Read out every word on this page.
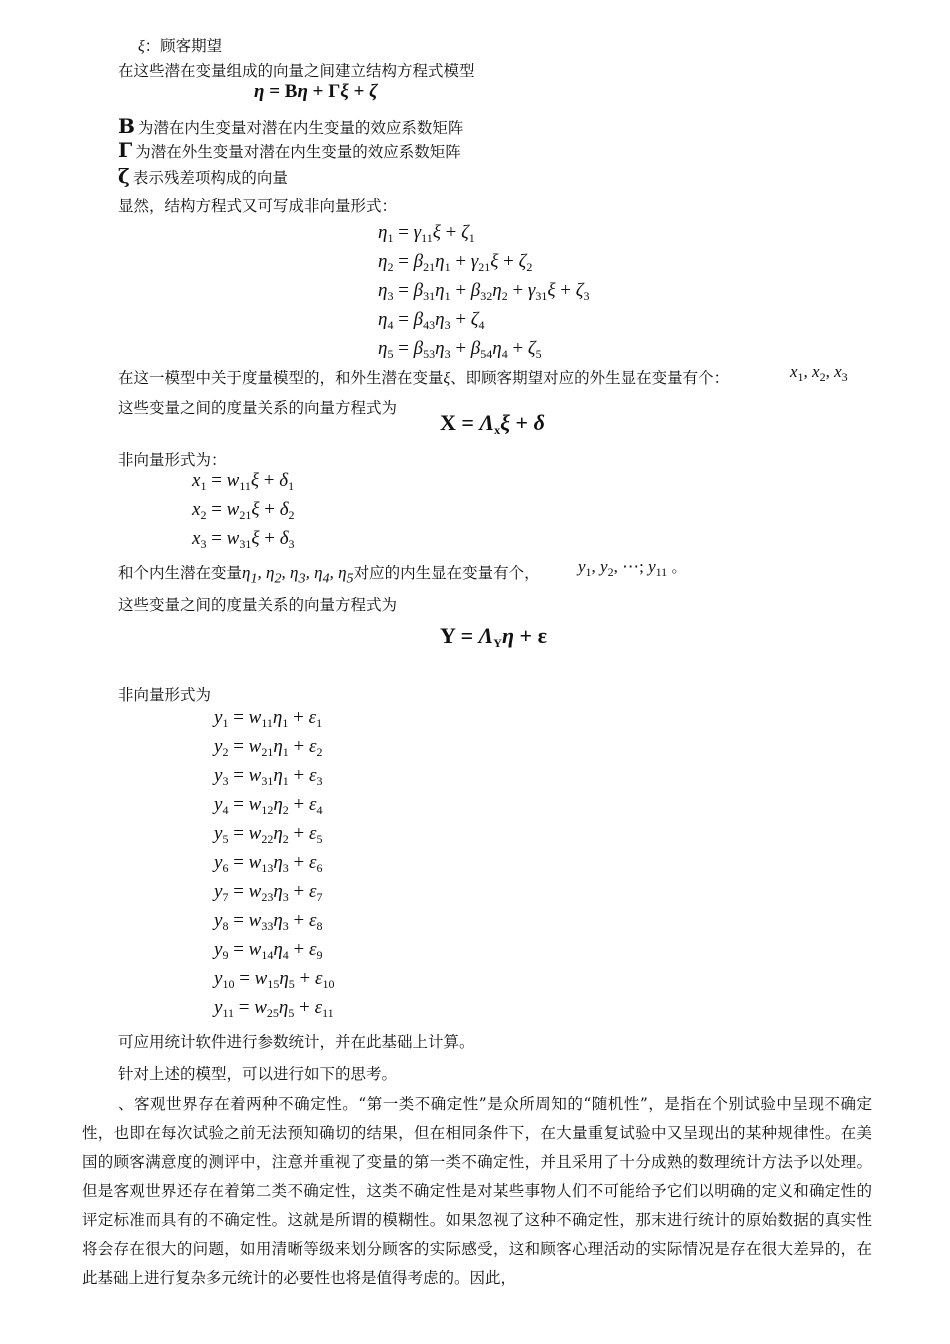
ξ：顾客期望
在这些潜在变量组成的向量之间建立结构方程式模型
η = Bη + Γξ + ζ
B 为潜在内生变量对潜在内生变量的效应系数矩阵
Γ 为潜在外生变量对潜在内生变量的效应系数矩阵
ζ 表示残差项构成的向量
显然，结构方程式又可写成非向量形式：
$\eta_1 = \gamma_{11}\xi + \zeta_1$
$\eta_2 = \beta_{21}\eta_1 + \gamma_{21}\xi + \zeta_2$
$\eta_3 = \beta_{31}\eta_1 + \beta_{32}\eta_2 + \gamma_{31}\xi + \zeta_3$
$\eta_4 = \beta_{43}\eta_3 + \zeta_4$
$\eta_5 = \beta_{53}\eta_3 + \beta_{54}\eta_4 + \zeta_5$
在这一模型中关于度量模型的，和外生潜在变量ξ、即顾客期望对应的外生显在变量有个：	$x_1$, $x_2$, $x_3$
这些变量之间的度量关系的向量方程式为
$X = \Lambda_x\xi + \delta$
非向量形式为：
$x_1 = w_{11}\xi + \delta_1$
$x_2 = w_{21}\xi + \delta_2$
$x_3 = w_{31}\xi + \delta_3$
和个内生潜在变量$\eta_1$, $\eta_2$, $\eta_3$, $\eta_4$, $\eta_5$对应的内生显在变量有个， $y_1$, $y_2$, ⋯; $y_{11}$ 。
这些变量之间的度量关系的向量方程式为
$Y = \Lambda_Y\eta + \varepsilon$
非向量形式为
$y_1 = w_{11}\eta_1 + \varepsilon_1$
$y_2 = w_{21}\eta_1 + \varepsilon_2$
$y_3 = w_{31}\eta_1 + \varepsilon_3$
$y_4 = w_{12}\eta_2 + \varepsilon_4$
$y_5 = w_{22}\eta_2 + \varepsilon_5$
$y_6 = w_{13}\eta_3 + \varepsilon_6$
$y_7 = w_{23}\eta_3 + \varepsilon_7$
$y_8 = w_{33}\eta_3 + \varepsilon_8$
$y_9 = w_{14}\eta_4 + \varepsilon_9$
$y_{10} = w_{15}\eta_5 + \varepsilon_{10}$
$y_{11} = w_{25}\eta_5 + \varepsilon_{11}$
可应用统计软件进行参数统计，并在此基础上计算。
针对上述的模型，可以进行如下的思考。
、客观世界存在着两种不确定性。“第一类不确定性”是众所周知的“随机性”，是指在个别试验中呈现不确定性，也即在每次试验之前无法预知确切的结果，但在相同条件下，在大量重复试验中又呈现出的某种规律性。在美国的顾客满意度的测评中，注意并重视了变量的第一类不确定性，并且采用了十分成熟的数理统计方法予以处理。但是客观世界还存在着第二类不确定性，这类不确定性是对某些事物人们不可能给予它们以明确的定义和确定性的评定标准而具有的不确定性。这就是所谓的模糊性。如果忽视了这种不确定性，那末进行统计的原始数据的真实性将会存在很大的问题，如用清晰等级来划分顾客的实际感受，这和顾客心理活动的实际情况是存在很大差异的，在此基础上进行复杂多元统计的必要性也将是值得考虑的。因此，
